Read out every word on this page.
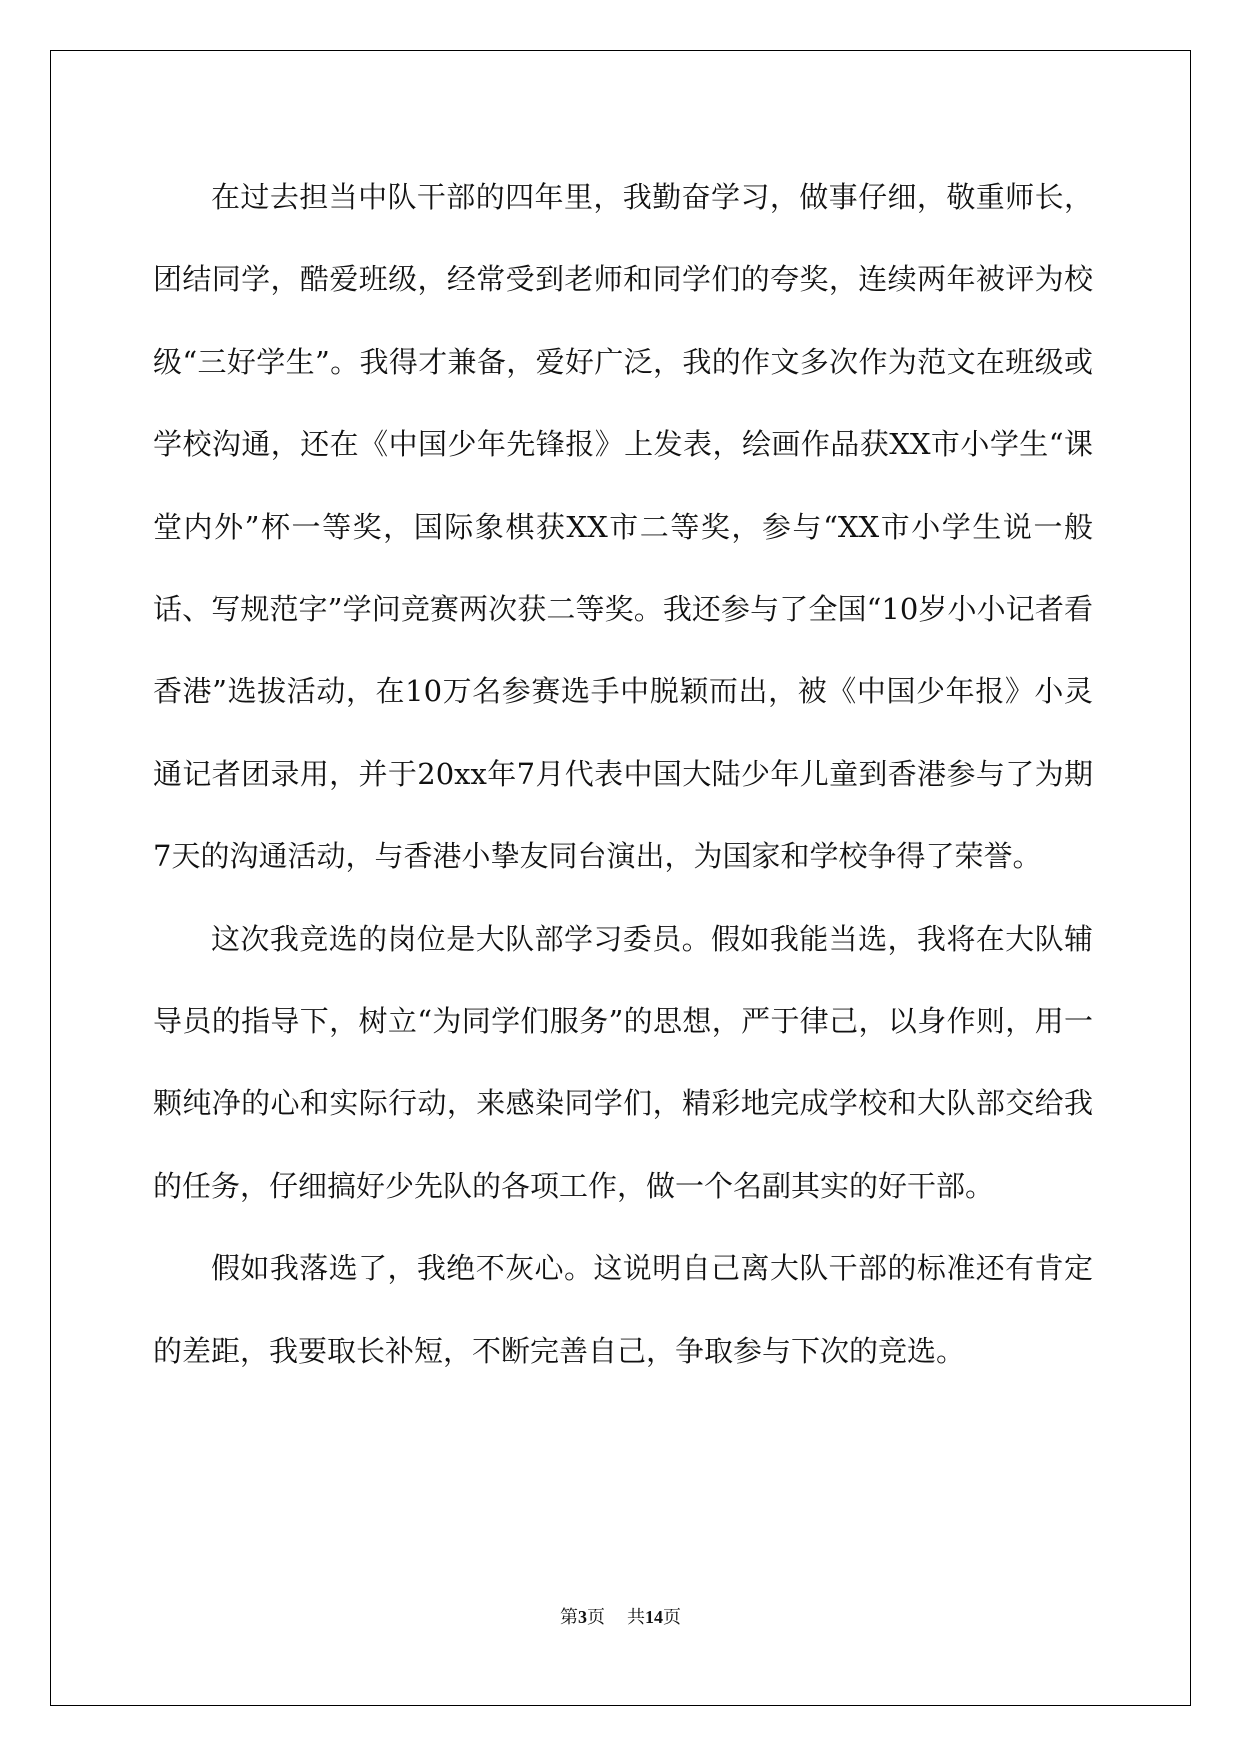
在过去担当中队干部的四年里，我勤奋学习，做事仔细，敬重师长，团结同学，酷爱班级，经常受到老师和同学们的夸奖，连续两年被评为校级“三好学生”。我得才兼备，爱好广泛，我的作文多次作为范文在班级或学校沟通，还在《中国少年先锋报》上发表，绘画作品获XX市小学生“课堂内外”杯一等奖，国际象棋获XX市二等奖，参与“XX市小学生说一般话、写规范字”学问竞赛两次获二等奖。我还参与了全国“10岁小小记者看香港”选拔活动，在10万名参赛选手中脱颖而出，被《中国少年报》小灵通记者团录用，并于20xx年7月代表中国大陆少年儿童到香港参与了为期7天的沟通活动，与香港小挚友同台演出，为国家和学校争得了荣誉。

这次我竞选的岗位是大队部学习委员。假如我能当选，我将在大队辅导员的指导下，树立“为同学们服务”的思想，严于律己，以身作则，用一颗纯净的心和实际行动，来感染同学们，精彩地完成学校和大队部交给我的任务，仔细搞好少先队的各项工作，做一个名副其实的好干部。

假如我落选了，我绝不灰心。这说明自己离大队干部的标准还有肯定的差距，我要取长补短，不断完善自己，争取参与下次的竞选。

第3页 共14页
